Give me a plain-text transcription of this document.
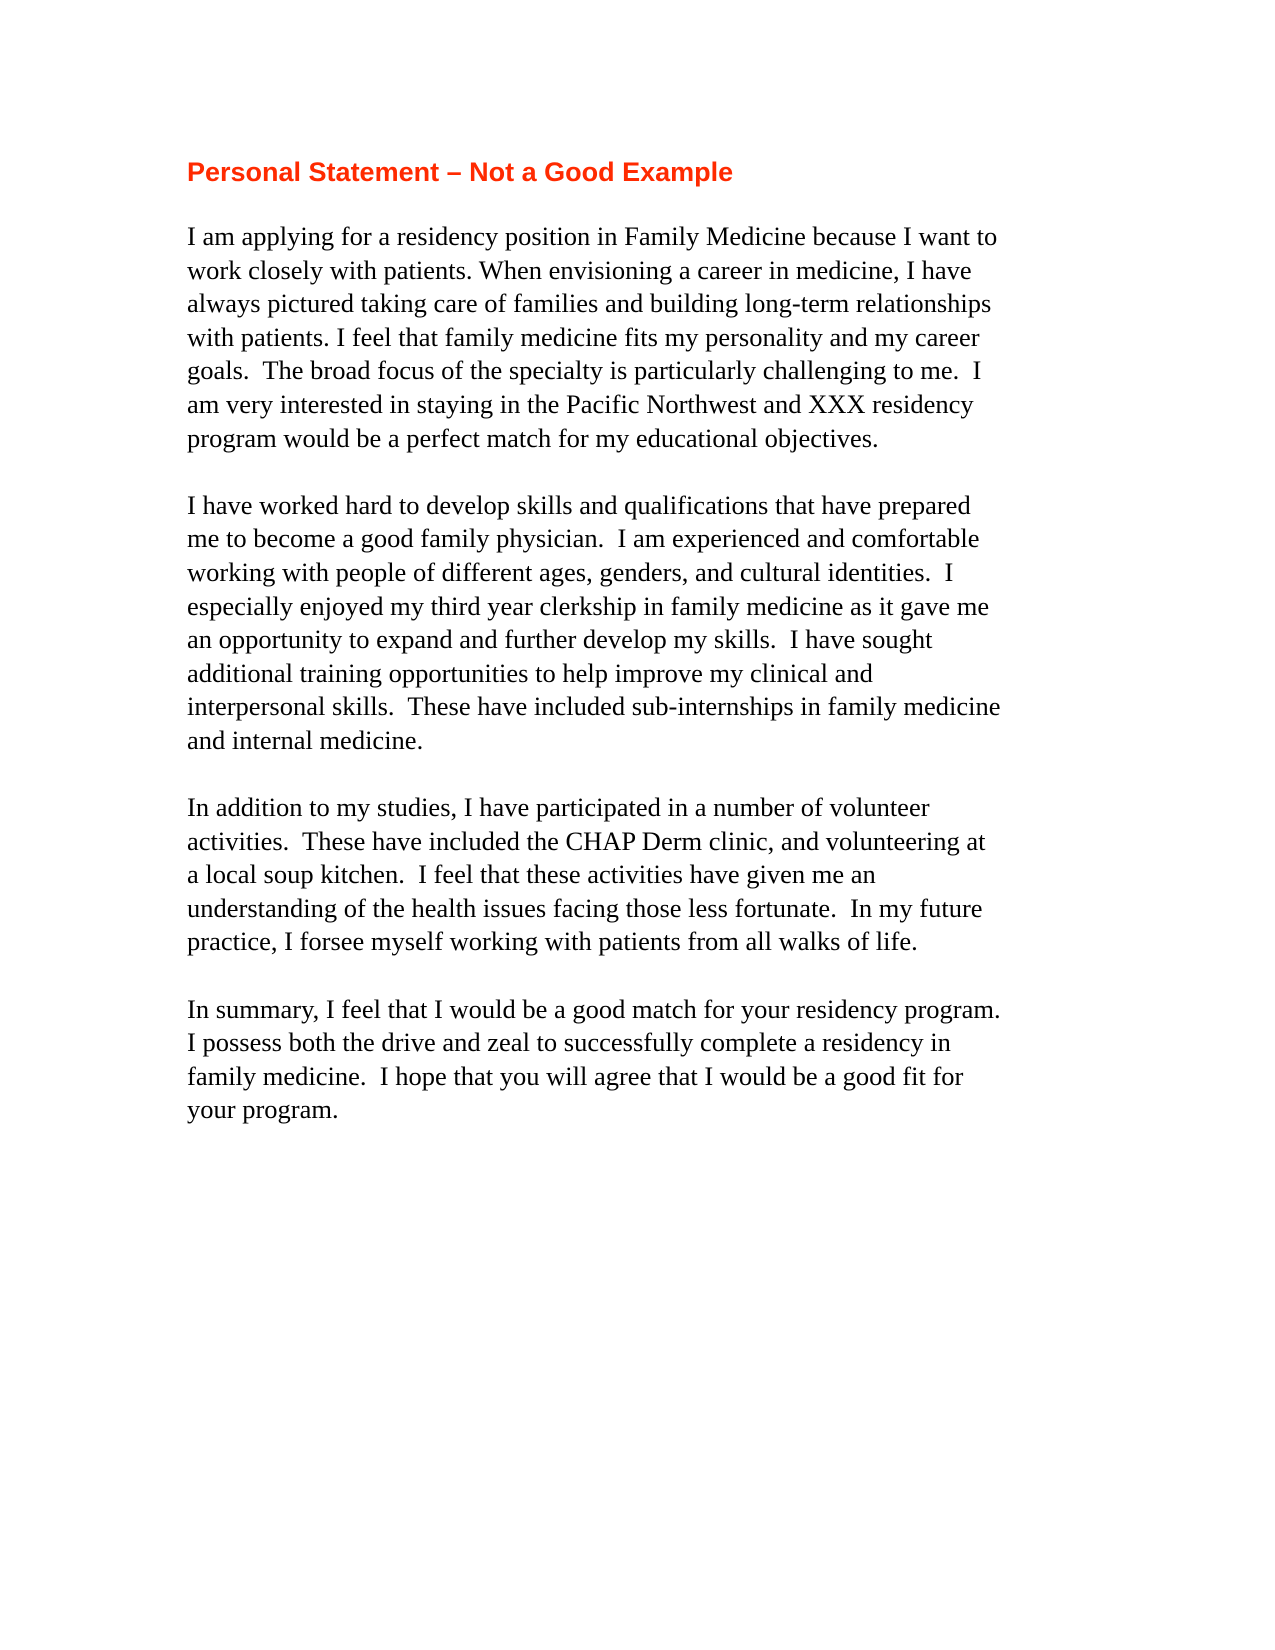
Personal Statement – Not a Good Example

I am applying for a residency position in Family Medicine because I want to
work closely with patients. When envisioning a career in medicine, I have
always pictured taking care of families and building long-term relationships
with patients. I feel that family medicine fits my personality and my career
goals.  The broad focus of the specialty is particularly challenging to me.  I
am very interested in staying in the Pacific Northwest and XXX residency
program would be a perfect match for my educational objectives.

I have worked hard to develop skills and qualifications that have prepared
me to become a good family physician.  I am experienced and comfortable
working with people of different ages, genders, and cultural identities.  I
especially enjoyed my third year clerkship in family medicine as it gave me
an opportunity to expand and further develop my skills.  I have sought
additional training opportunities to help improve my clinical and
interpersonal skills.  These have included sub-internships in family medicine
and internal medicine.

In addition to my studies, I have participated in a number of volunteer
activities.  These have included the CHAP Derm clinic, and volunteering at
a local soup kitchen.  I feel that these activities have given me an
understanding of the health issues facing those less fortunate.  In my future
practice, I forsee myself working with patients from all walks of life.

In summary, I feel that I would be a good match for your residency program.
I possess both the drive and zeal to successfully complete a residency in
family medicine.  I hope that you will agree that I would be a good fit for
your program.
